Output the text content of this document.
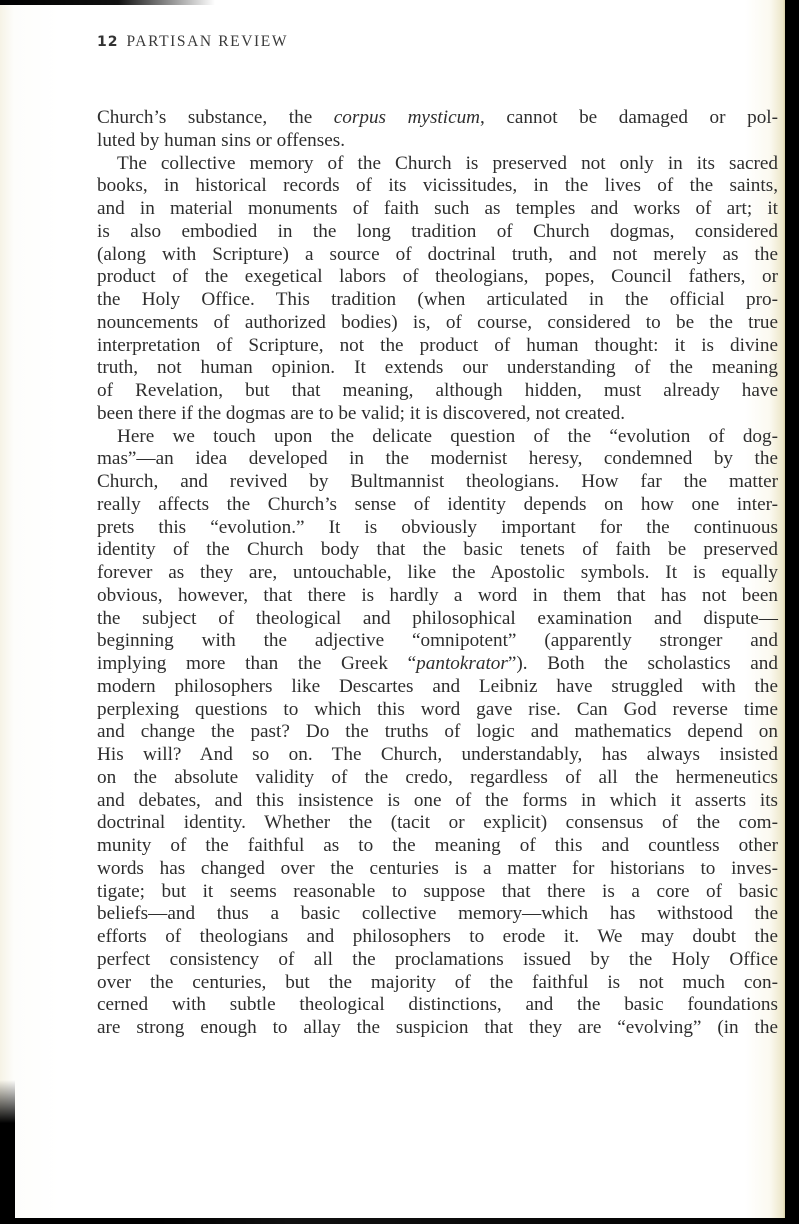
12 PARTISAN REVIEW
Church’s substance, the corpus mysticum, cannot be damaged or pol-
luted by human sins or offenses.
The collective memory of the Church is preserved not only in its sacred
books, in historical records of its vicissitudes, in the lives of the saints,
and in material monuments of faith such as temples and works of art; it
is also embodied in the long tradition of Church dogmas, considered
(along with Scripture) a source of doctrinal truth, and not merely as the
product of the exegetical labors of theologians, popes, Council fathers, or
the Holy Office. This tradition (when articulated in the official pro-
nouncements of authorized bodies) is, of course, considered to be the true
interpretation of Scripture, not the product of human thought: it is divine
truth, not human opinion. It extends our understanding of the meaning
of Revelation, but that meaning, although hidden, must already have
been there if the dogmas are to be valid; it is discovered, not created.
Here we touch upon the delicate question of the “evolution of dog-
mas”—an idea developed in the modernist heresy, condemned by the
Church, and revived by Bultmannist theologians. How far the matter
really affects the Church’s sense of identity depends on how one inter-
prets this “evolution.” It is obviously important for the continuous
identity of the Church body that the basic tenets of faith be preserved
forever as they are, untouchable, like the Apostolic symbols. It is equally
obvious, however, that there is hardly a word in them that has not been
the subject of theological and philosophical examination and dispute—
beginning with the adjective “omnipotent” (apparently stronger and
implying more than the Greek “pantokrator”). Both the scholastics and
modern philosophers like Descartes and Leibniz have struggled with the
perplexing questions to which this word gave rise. Can God reverse time
and change the past? Do the truths of logic and mathematics depend on
His will? And so on. The Church, understandably, has always insisted
on the absolute validity of the credo, regardless of all the hermeneutics
and debates, and this insistence is one of the forms in which it asserts its
doctrinal identity. Whether the (tacit or explicit) consensus of the com-
munity of the faithful as to the meaning of this and countless other
words has changed over the centuries is a matter for historians to inves-
tigate; but it seems reasonable to suppose that there is a core of basic
beliefs—and thus a basic collective memory—which has withstood the
efforts of theologians and philosophers to erode it. We may doubt the
perfect consistency of all the proclamations issued by the Holy Office
over the centuries, but the majority of the faithful is not much con-
cerned with subtle theological distinctions, and the basic foundations
are strong enough to allay the suspicion that they are “evolving” (in the
